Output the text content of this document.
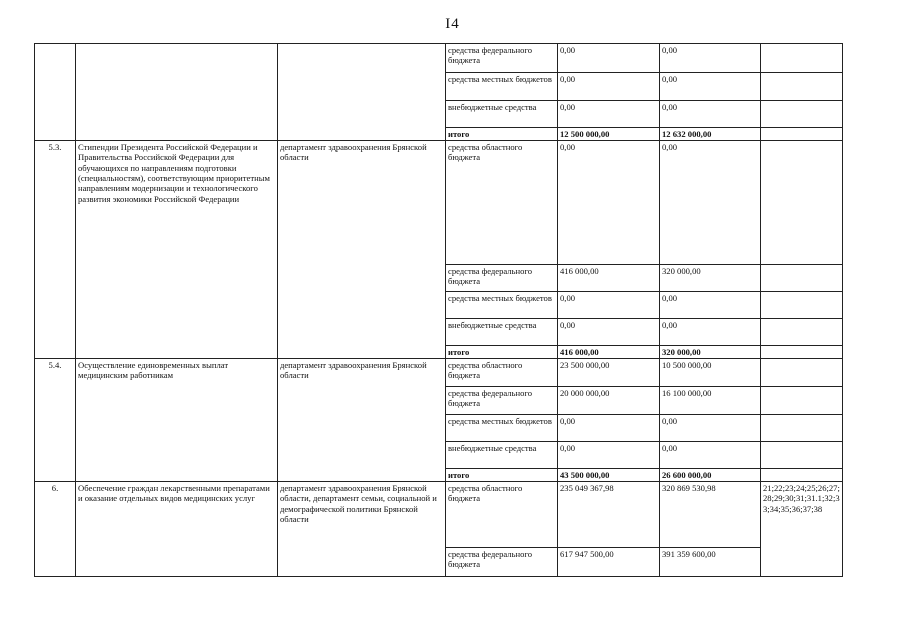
I4
			средства федерального бюджета	0,00	0,00	
			средства местных бюджетов	0,00	0,00	
			внебюджетные средства	0,00	0,00	
			итого	12 500 000,00	12 632 000,00	
5.3.	Стипендии Президента Российской Федерации и Правительства Российской Федерации для обучающихся по направлениям подготовки (специальностям), соответствующим приоритетным направлениям модернизации и технологического развития экономики Российской Федерации	департамент здравоохранения Брянской области	средства областного бюджета	0,00	0,00	
			средства федерального бюджета	416 000,00	320 000,00	
			средства местных бюджетов	0,00	0,00	
			внебюджетные средства	0,00	0,00	
			итого	416 000,00	320 000,00	
5.4.	Осуществление единовременных выплат медицинским работникам	департамент здравоохранения Брянской области	средства областного бюджета	23 500 000,00	10 500 000,00	
			средства федерального бюджета	20 000 000,00	16 100 000,00	
			средства местных бюджетов	0,00	0,00	
			внебюджетные средства	0,00	0,00	
			итого	43 500 000,00	26 600 000,00	
6.	Обеспечение граждан лекарственными препаратами и оказание отдельных видов медицинских услуг	департамент здравоохранения Брянской области, департамент семьи, социальной и демографической политики Брянской области	средства областного бюджета	235 049 367,98	320 869 530,98	21;22;23;24;25;26;27;28;29;30;31;31.1;32;33;34;35;36;37;38
			средства федерального бюджета	617 947 500,00	391 359 600,00	
